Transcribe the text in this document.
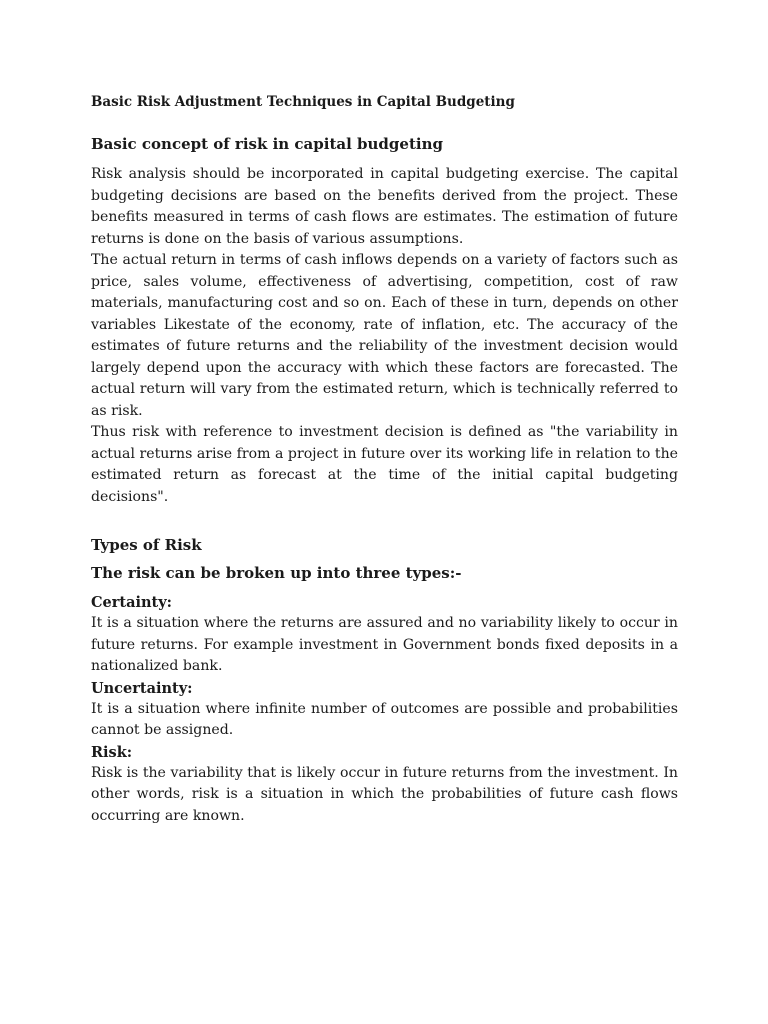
Basic Risk Adjustment Techniques in Capital Budgeting
Basic concept of risk in capital budgeting

Risk analysis should be incorporated in capital budgeting exercise. The capital budgeting decisions are based on the benefits derived from the project. These benefits measured in terms of cash flows are estimates. The estimation of future returns is done on the basis of various assumptions.

The actual return in terms of cash inflows depends on a variety of factors such as price, sales volume, effectiveness of advertising, competition, cost of raw materials, manufacturing cost and so on. Each of these in turn, depends on other variables Likestate of the economy, rate of inflation, etc. The accuracy of the estimates of future returns and the reliability of the investment decision would largely depend upon the accuracy with which these factors are forecasted. The actual return will vary from the estimated return, which is technically referred to as risk.

Thus risk with reference to investment decision is defined as "the variability in actual returns arise from a project in future over its working life in relation to the estimated return as forecast at the time of the initial capital budgeting decisions".

Types of Risk

The risk can be broken up into three types:-

Certainty:

It is a situation where the returns are assured and no variability likely to occur in future returns. For example investment in Government bonds fixed deposits in a nationalized bank.

Uncertainty:

It is a situation where infinite number of outcomes are possible and probabilities cannot be assigned.

Risk:

Risk is the variability that is likely occur in future returns from the investment. In other words, risk is a situation in which the probabilities of future cash flows occurring are known.
